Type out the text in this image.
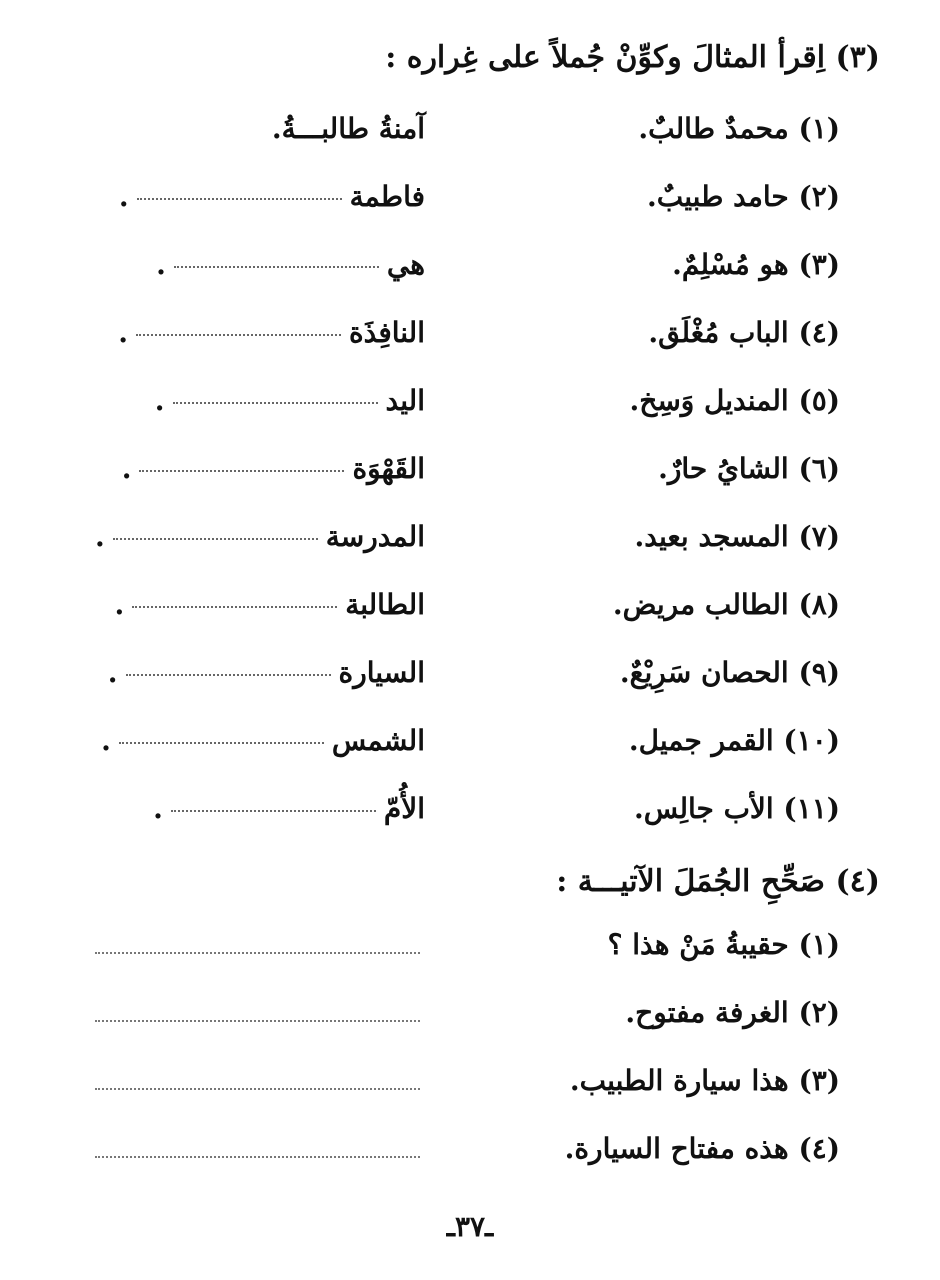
(٣) اِقرأ المثالَ وكوِّنْ جُملاً على غِراره :
(١) محمدٌ طالبٌ.
آمنةُ طالبـــةُ.
(٢) حامد طبيبٌ.
فاطمة
.
(٣) هو مُسْلِمٌ.
هي
.
(٤) الباب مُغْلَق.
النافِذَة
.
(٥) المنديل وَسِخ.
اليد
.
(٦) الشايُ حارٌ.
القَهْوَة
.
(٧) المسجد بعيد.
المدرسة
.
(٨) الطالب مريض.
الطالبة
.
(٩) الحصان سَرِيْعٌ.
السيارة
.
(١٠) القمر جميل.
الشمس
.
(١١) الأب جالِس.
الأُمّ
.
(٤) صَحِّحِ الجُمَلَ الآتيـــة :
(١) حقيبةُ مَنْ هذا ؟
(٢) الغرفة مفتوح.
(٣) هذا سيارة الطبيب.
(٤) هذه مفتاح السيارة.
ـ٣٧ـ
